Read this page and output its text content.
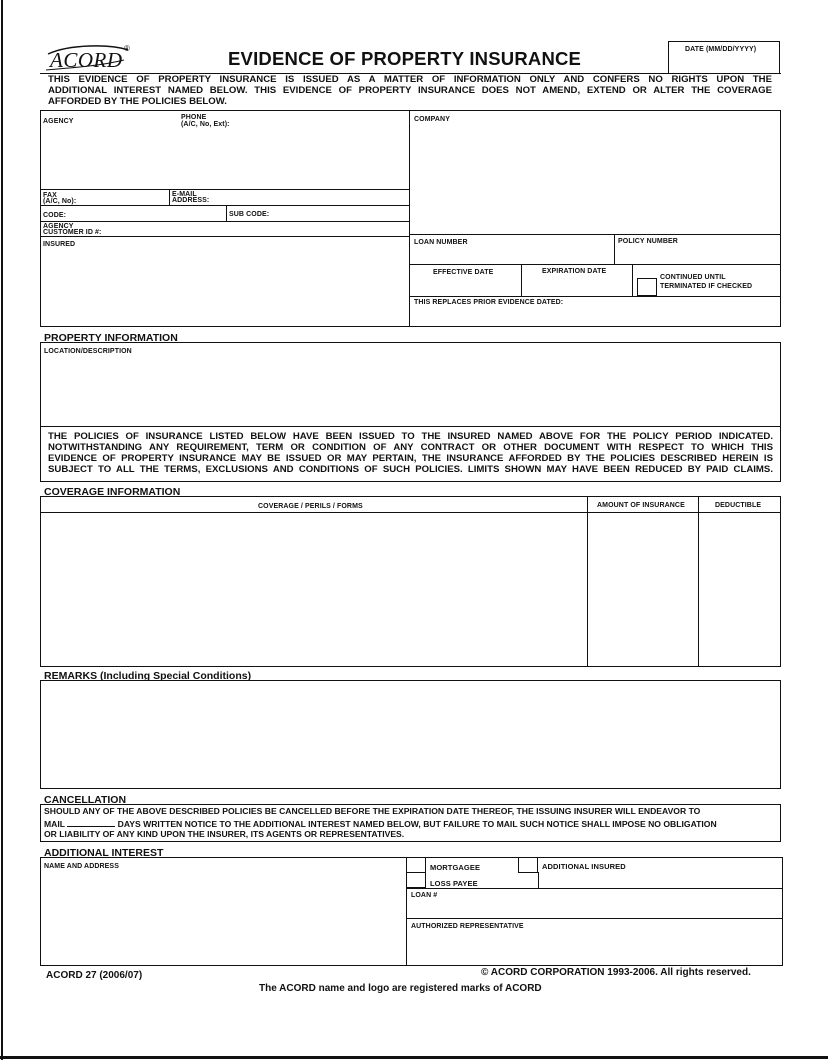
ACORD ®	EVIDENCE OF PROPERTY INSURANCE	DATE (MM/DD/YYYY)
THIS EVIDENCE OF PROPERTY INSURANCE IS ISSUED AS A MATTER OF INFORMATION ONLY AND CONFERS NO RIGHTS UPON THE
ADDITIONAL INTEREST NAMED BELOW. THIS EVIDENCE OF PROPERTY INSURANCE DOES NOT AMEND, EXTEND OR ALTER THE COVERAGE
AFFORDED BY THE POLICIES BELOW.
AGENCY
PHONE
(A/C, No, Ext):
FAX
(A/C, No):
E-MAIL
ADDRESS:
CODE:	SUB CODE:
AGENCY
CUSTOMER ID #:
INSURED
COMPANY
LOAN NUMBER	POLICY NUMBER
EFFECTIVE DATE	EXPIRATION DATE
CONTINUED UNTIL
TERMINATED IF CHECKED
THIS REPLACES PRIOR EVIDENCE DATED:
PROPERTY INFORMATION
LOCATION/DESCRIPTION
THE POLICIES OF INSURANCE LISTED BELOW HAVE BEEN ISSUED TO THE INSURED NAMED ABOVE FOR THE POLICY PERIOD INDICATED.
NOTWITHSTANDING ANY REQUIREMENT, TERM OR CONDITION OF ANY CONTRACT OR OTHER DOCUMENT WITH RESPECT TO WHICH THIS
EVIDENCE OF PROPERTY INSURANCE MAY BE ISSUED OR MAY PERTAIN, THE INSURANCE AFFORDED BY THE POLICIES DESCRIBED HEREIN IS
SUBJECT TO ALL THE TERMS, EXCLUSIONS AND CONDITIONS OF SUCH POLICIES. LIMITS SHOWN MAY HAVE BEEN REDUCED BY PAID CLAIMS.
COVERAGE INFORMATION
COVERAGE / PERILS / FORMS	AMOUNT OF INSURANCE	DEDUCTIBLE
REMARKS (Including Special Conditions)
CANCELLATION
SHOULD ANY OF THE ABOVE DESCRIBED POLICIES BE CANCELLED BEFORE THE EXPIRATION DATE THEREOF, THE ISSUING INSURER WILL ENDEAVOR TO
MAIL	DAYS WRITTEN NOTICE TO THE ADDITIONAL INTEREST NAMED BELOW, BUT FAILURE TO MAIL SUCH NOTICE SHALL IMPOSE NO OBLIGATION
OR LIABILITY OF ANY KIND UPON THE INSURER, ITS AGENTS OR REPRESENTATIVES.
ADDITIONAL INTEREST
NAME AND ADDRESS	MORTGAGEE	ADDITIONAL INSURED
LOSS PAYEE
LOAN #
AUTHORIZED REPRESENTATIVE
ACORD 27 (2006/07)	© ACORD CORPORATION 1993-2006. All rights reserved.
The ACORD name and logo are registered marks of ACORD
